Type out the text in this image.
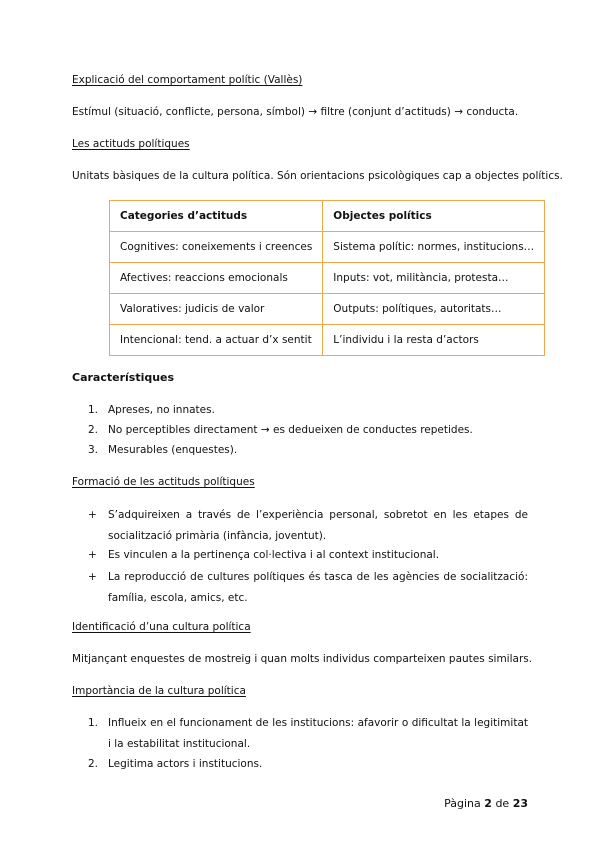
Explicació del comportament polític (Vallès)
Estímul (situació, conflicte, persona, símbol) → filtre (conjunt d’actituds) → conducta.
Les actituds polítiques
Unitats bàsiques de la cultura política. Són orientacions psicològiques cap a objectes polítics.
Categories d’actituds	Objectes polítics
Cognitives: coneixements i creences	Sistema polític: normes, institucions…
Afectives: reaccions emocionals	Inputs: vot, militància, protesta…
Valoratives: judicis de valor	Outputs: polítiques, autoritats…
Intencional: tend. a actuar d’x sentit	L’individu i la resta d’actors
Característiques
1. Apreses, no innates.
2. No perceptibles directament → es dedueixen de conductes repetides.
3. Mesurables (enquestes).
Formació de les actituds polítiques
+	S’adquireixen a través de l’experiència personal, sobretot en les etapes de socialització primària (infància, joventut).
+	Es vinculen a la pertinença col·lectiva i al context institucional.
+	La reproducció de cultures polítiques és tasca de les agències de socialització: família, escola, amics, etc.
Identificació d’una cultura política
Mitjançant enquestes de mostreig i quan molts individus comparteixen pautes similars.
Importància de la cultura política
1. Influeix en el funcionament de les institucions: afavorir o dificultat la legitimitat i la estabilitat institucional.
2. Legitima actors i institucions.
Pàgina 2 de 23
